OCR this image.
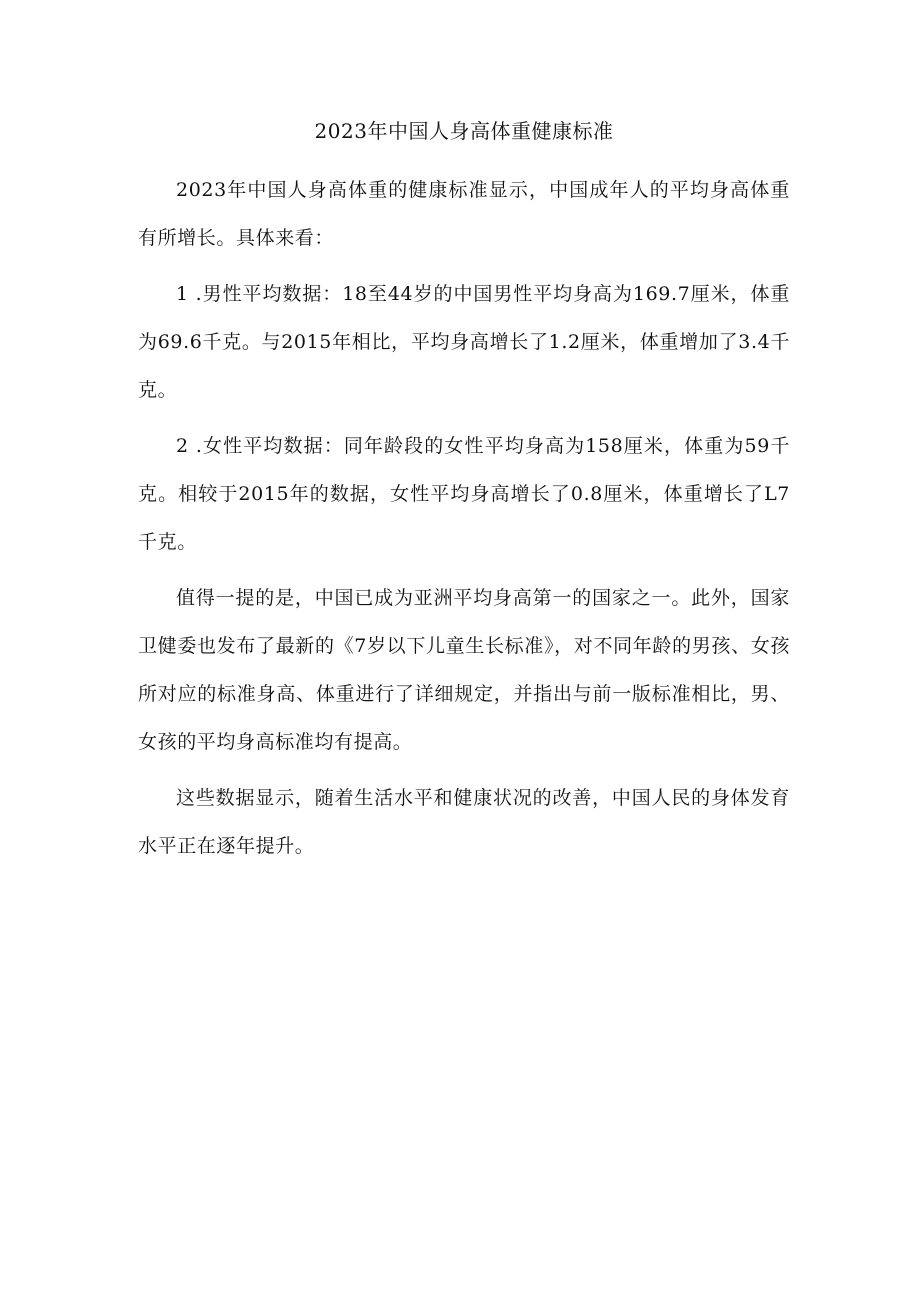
2023年中国人身高体重健康标准

2023年中国人身高体重的健康标准显示，中国成年人的平均身高体重有所增长。具体来看：

1 .男性平均数据：18至44岁的中国男性平均身高为169.7厘米，体重为69.6千克。与2015年相比，平均身高增长了1.2厘米，体重增加了3.4千克。

2 .女性平均数据：同年龄段的女性平均身高为158厘米，体重为59千克。相较于2015年的数据，女性平均身高增长了0.8厘米，体重增长了L7千克。

值得一提的是，中国已成为亚洲平均身高第一的国家之一。此外，国家卫健委也发布了最新的《7岁以下儿童生长标准》，对不同年龄的男孩、女孩所对应的标准身高、体重进行了详细规定，并指出与前一版标准相比，男、女孩的平均身高标准均有提高。

这些数据显示，随着生活水平和健康状况的改善，中国人民的身体发育水平正在逐年提升。
